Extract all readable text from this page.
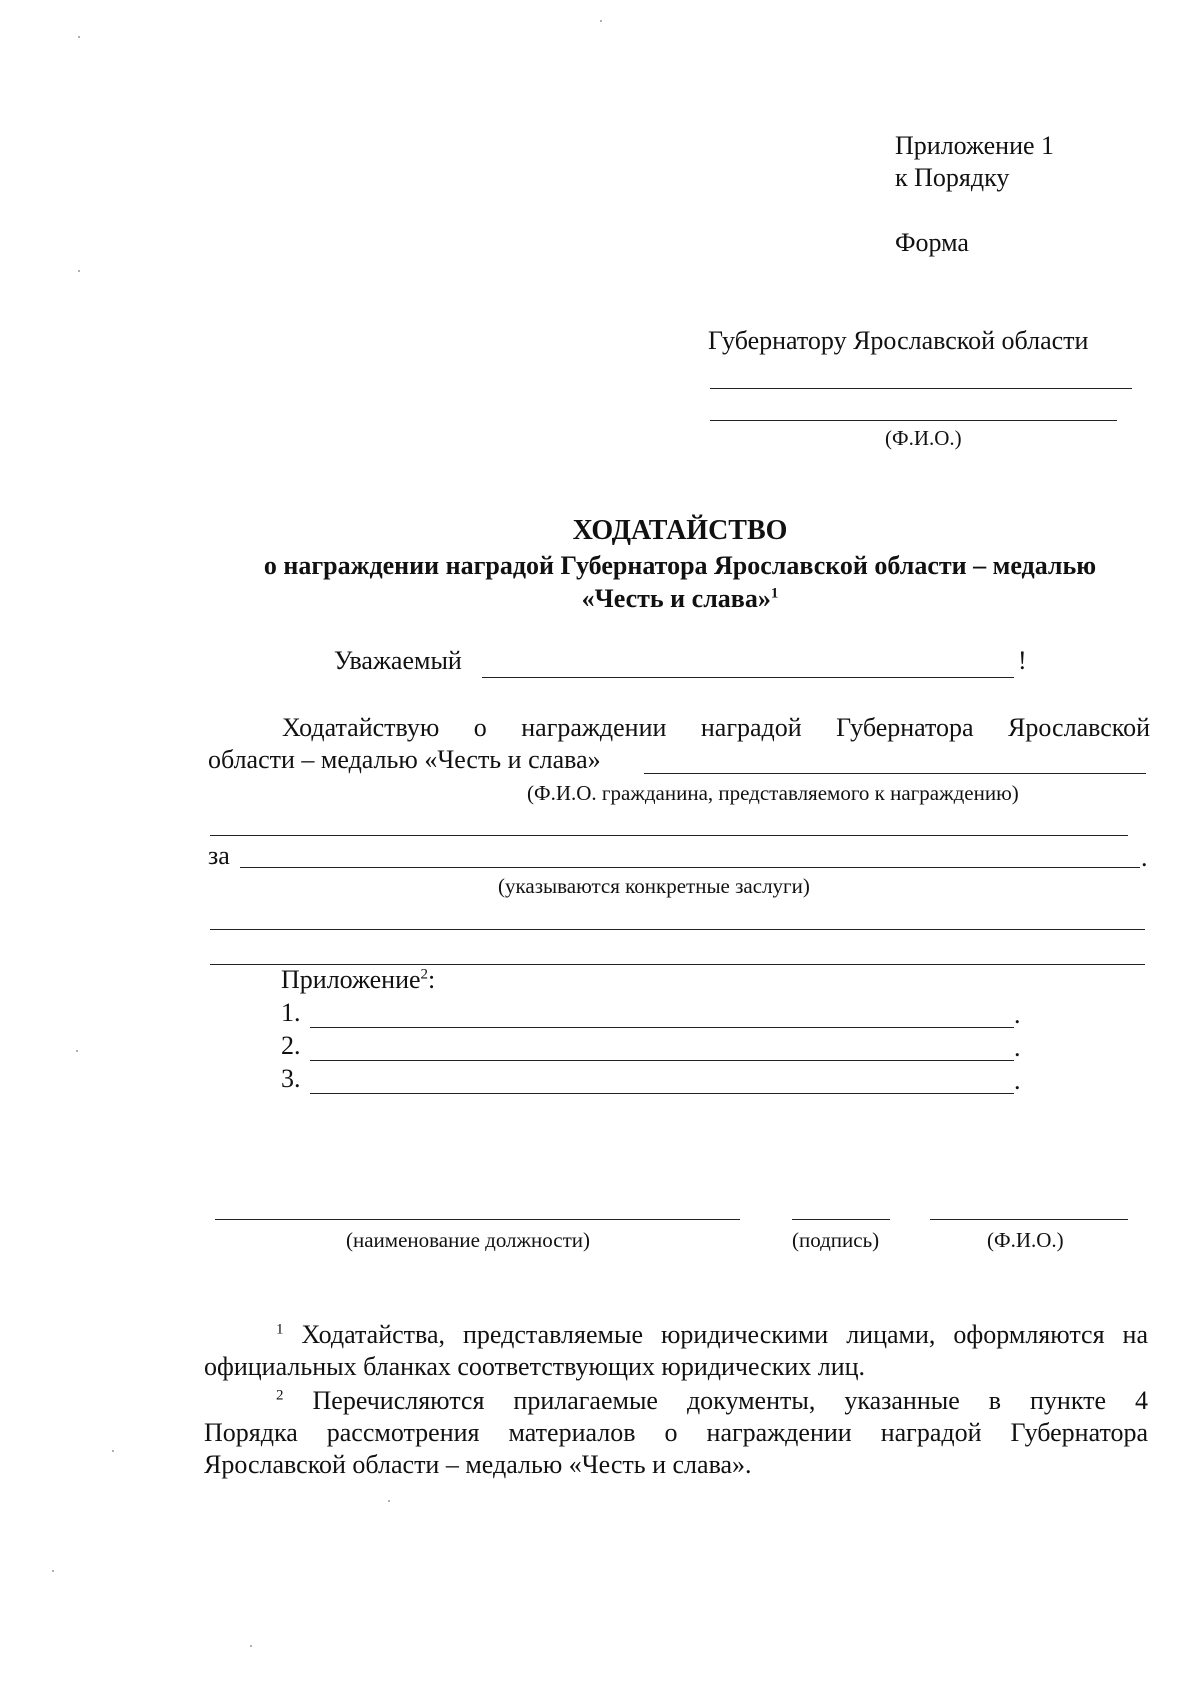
Приложение 1
к Порядку
Форма
Губернатору Ярославской области
(Ф.И.О.)
ХОДАТАЙСТВО
о награждении наградой Губернатора Ярославской области – медалью
«Честь и слава»$^1$
Уважаемый	!
Ходатайствую о награждении наградой Губернатора Ярославской
области – медалью «Честь и слава»
(Ф.И.О. гражданина, представляемого к награждению)
за	.
(указываются конкретные заслуги)
Приложение$^2$:
1.	.
2.	.
3.	.
(наименование должности)	(подпись)	(Ф.И.О.)
$^1$ Ходатайства, представляемые юридическими лицами, оформляются на
официальных бланках соответствующих юридических лиц.
$^2$ Перечисляются прилагаемые документы, указанные в пункте 4
Порядка рассмотрения материалов о награждении наградой Губернатора
Ярославской области – медалью «Честь и слава».
